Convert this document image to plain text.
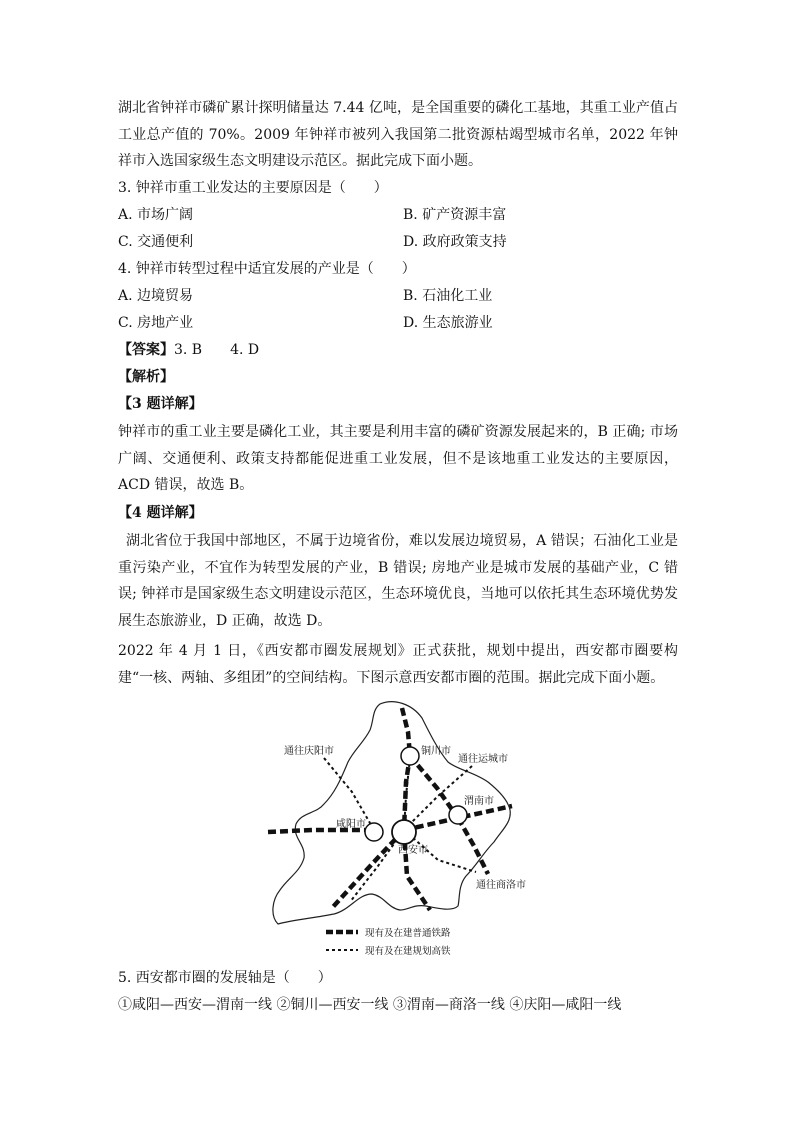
湖北省钟祥市磷矿累计探明储量达 7.44 亿吨，是全国重要的磷化工基地，其重工业产值占工业总产值的 70%。2009 年钟祥市被列入我国第二批资源枯竭型城市名单，2022 年钟祥市入选国家级生态文明建设示范区。据此完成下面小题。

3. 钟祥市重工业发达的主要原因是（　　）
A. 市场广阔	B. 矿产资源丰富
C. 交通便利	D. 政府政策支持
4. 钟祥市转型过程中适宜发展的产业是（　　）
A. 边境贸易	B. 石油化工业
C. 房地产业	D. 生态旅游业
【答案】3. B　　4. D
【解析】
【3 题详解】

钟祥市的重工业主要是磷化工业，其主要是利用丰富的磷矿资源发展起来的，B 正确; 市场广阔、交通便利、政策支持都能促进重工业发展，但不是该地重工业发达的主要原因，ACD 错误，故选 B。

【4 题详解】

湖北省位于我国中部地区，不属于边境省份，难以发展边境贸易，A 错误；石油化工业是重污染产业，不宜作为转型发展的产业，B 错误; 房地产业是城市发展的基础产业，C 错误; 钟祥市是国家级生态文明建设示范区，生态环境优良，当地可以依托其生态环境优势发展生态旅游业，D 正确，故选 D。

2022 年 4 月 1 日，《西安都市圈发展规划》正式获批，规划中提出，西安都市圈要构建“一核、两轴、多组团”的空间结构。下图示意西安都市圈的范围。据此完成下面小题。

铜川市
咸阳市
西安市
渭南市
通往庆阳市
通往运城市
通往商洛市
现有及在建普通铁路
现有及在建规划高铁
5. 西安都市圈的发展轴是（　　）
①咸阳—西安—渭南一线 ②铜川—西安一线 ③渭南—商洛一线 ④庆阳—咸阳一线
